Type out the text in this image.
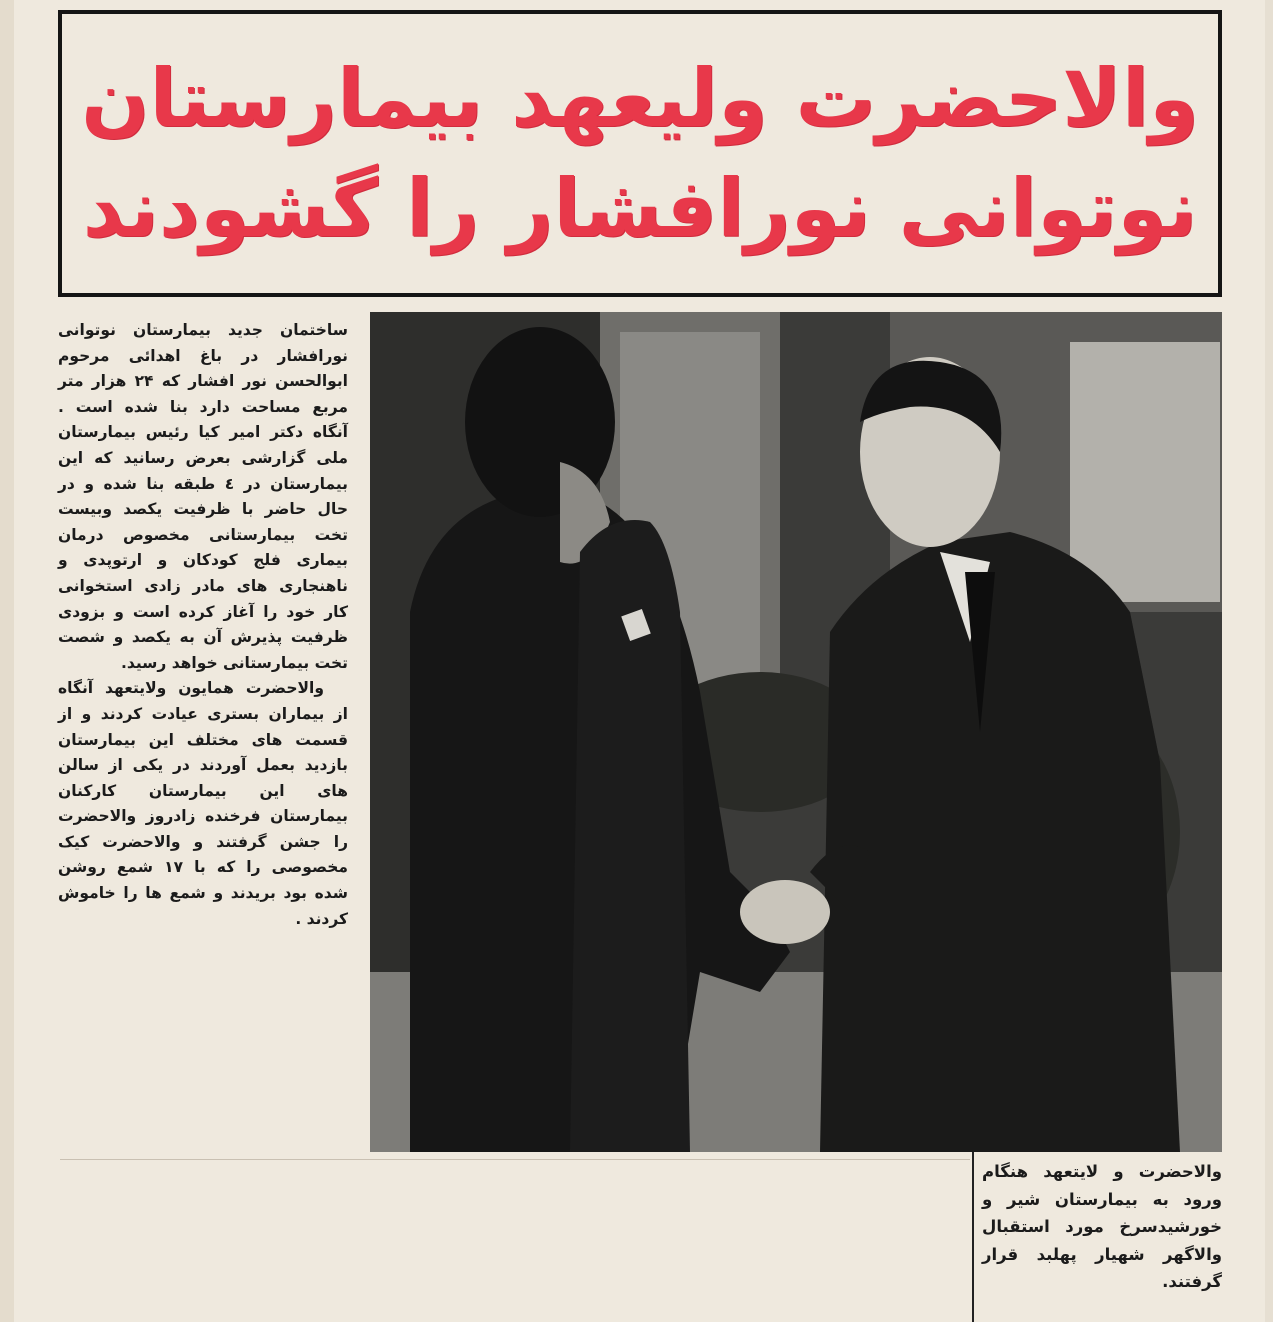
والاحضرت ولیعهد بیمارستان
نوتوانی نورافشار را گشودند

ساختمان جدید بیمارستان نوتوانی نورافشار در باغ اهدائی مرحوم ابوالحسن نور افشار که ۲۴ هزار متر مربع مساحت دارد بنا شده است . آنگاه دکتر امیر کیا رئیس بیمارستان ملی گزارشی بعرض رسانید که این بیمارستان در ٤ طبقه بنا شده و در حال حاضر با ظرفیت یکصد وبیست تخت بیمارستانی مخصوص درمان بیماری فلج کودکان و ارتوپدی و ناهنجاری های مادر زادی استخوانی کار خود را آغاز کرده است و بزودی ظرفیت پذیرش آن به یکصد و شصت تخت بیمارستانی خواهد رسید.

والاحضرت همایون ولایتعهد آنگاه از بیماران بستری عیادت کردند و از قسمت های مختلف این بیمارستان بازدید بعمل آوردند در یکی از سالن های این بیمارستان کارکنان بیمارستان فرخنده زادروز والاحضرت را جشن گرفتند و والاحضرت کیک مخصوصی را که با ۱۷ شمع روشن شده بود بریدند و شمع ها را خاموش کردند .

والاحضرت و لایتعهد هنگام ورود به بیمارستان شیر و خورشیدسرخ مورد استقبال والاگهر شهیار پهلبد قرار گرفتند.
